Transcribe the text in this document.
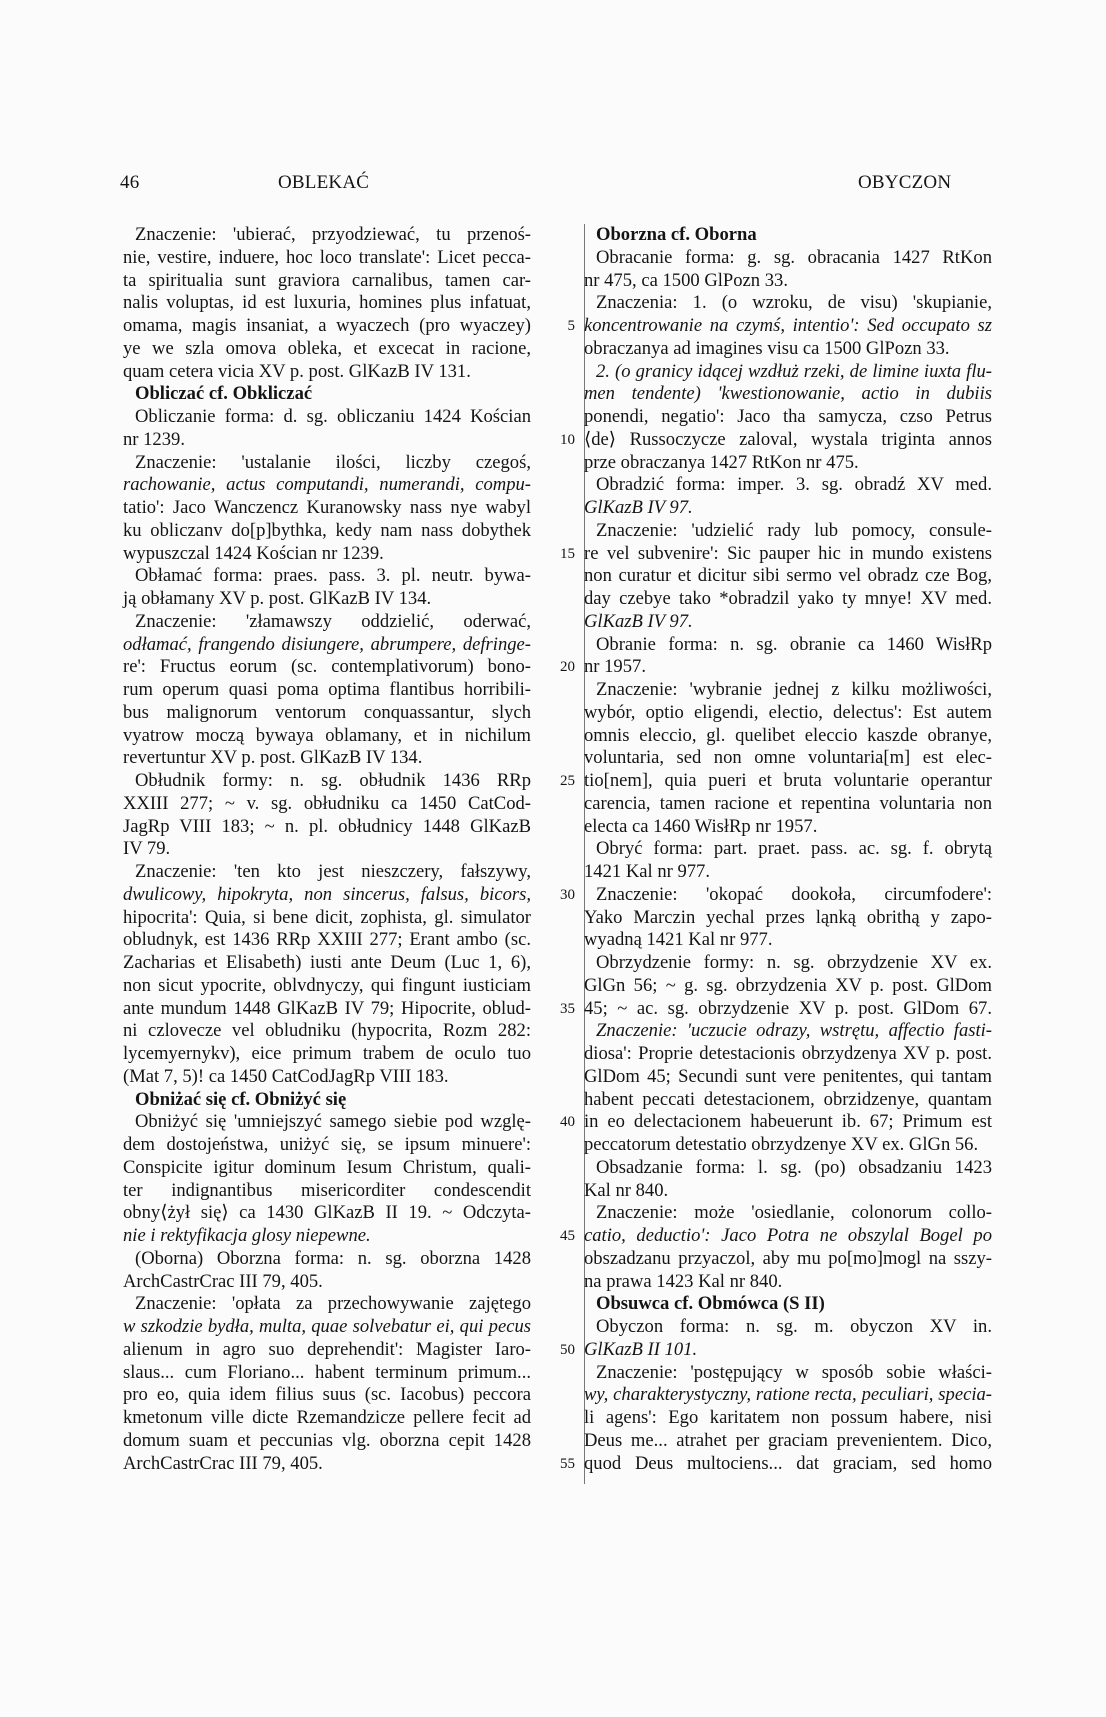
46	OBLEKAĆ	OBYCZON
Znaczenie: 'ubierać, przyodziewać, tu przenoś-
nie, vestire, induere, hoc loco translate': Licet pecca-
ta spiritualia sunt graviora carnalibus, tamen car-
nalis voluptas, id est luxuria, homines plus infatuat,
omama, magis insaniat, a wyaczech (pro wyaczey)
ye we szla omova obleka, et excecat in racione,
quam cetera vicia XV p. post. GlKazB IV 131.
Obliczać cf. Obkliczać
Obliczanie forma: d. sg. obliczaniu 1424 Kościan
nr 1239.
Znaczenie: 'ustalanie ilości, liczby czegoś,
rachowanie, actus computandi, numerandi, compu-
tatio': Jaco Wanczencz Kuranowsky nass nye wabyl
ku obliczanv do[p]bythka, kedy nam nass dobythek
wypuszczal 1424 Kościan nr 1239.
Obłamać forma: praes. pass. 3. pl. neutr. bywa-
ją obłamany XV p. post. GlKazB IV 134.
Znaczenie: 'złamawszy oddzielić, oderwać,
odłamać, frangendo disiungere, abrumpere, defringe-
re': Fructus eorum (sc. contemplativorum) bono-
rum operum quasi poma optima flantibus horribili-
bus malignorum ventorum conquassantur, slych
vyatrow moczą bywaya oblamany, et in nichilum
revertuntur XV p. post. GlKazB IV 134.
Obłudnik formy: n. sg. obłudnik 1436 RRp
XXIII 277; ~ v. sg. obłudniku ca 1450 CatCod-
JagRp VIII 183; ~ n. pl. obłudnicy 1448 GlKazB
IV 79.
Znaczenie: 'ten kto jest nieszczery, fałszywy,
dwulicowy, hipokryta, non sincerus, falsus, bicors,
hipocrita': Quia, si bene dicit, zophista, gl. simulator
obludnyk, est 1436 RRp XXIII 277; Erant ambo (sc.
Zacharias et Elisabeth) iusti ante Deum (Luc 1, 6),
non sicut ypocrite, oblvdnyczy, qui fingunt iusticiam
ante mundum 1448 GlKazB IV 79; Hipocrite, oblud-
ni czlovecze vel obludniku (hypocrita, Rozm 282:
lycemyernykv), eice primum trabem de oculo tuo
(Mat 7, 5)! ca 1450 CatCodJagRp VIII 183.
Obniżać się cf. Obniżyć się
Obniżyć się 'umniejszyć samego siebie pod wzglę-
dem dostojeństwa, uniżyć się, se ipsum minuere':
Conspicite igitur dominum Iesum Christum, quali-
ter indignantibus misericorditer condescendit
obny⟨żył się⟩ ca 1430 GlKazB II 19. ~ Odczyta-
nie i rektyfikacja glosy niepewne.
(Oborna) Oborzna forma: n. sg. oborzna 1428
ArchCastrCrac III 79, 405.
Znaczenie: 'opłata za przechowywanie zajętego
w szkodzie bydła, multa, quae solvebatur ei, qui pecus
alienum in agro suo deprehendit': Magister Iaro-
slaus... cum Floriano... habent terminum primum...
pro eo, quia idem filius suus (sc. Iacobus) peccora
kmetonum ville dicte Rzemandzicze pellere fecit ad
domum suam et peccunias vlg. oborzna cepit 1428
ArchCastrCrac III 79, 405.
5
10
15
20
25
30
35
40
45
50
55
Oborzna cf. Oborna
Obracanie forma: g. sg. obracania 1427 RtKon
nr 475, ca 1500 GlPozn 33.
Znaczenia: 1. (o wzroku, de visu) 'skupianie,
koncentrowanie na czymś, intentio': Sed occupato sz
obraczanya ad imagines visu ca 1500 GlPozn 33.
2. (o granicy idącej wzdłuż rzeki, de limine iuxta flu-
men tendente) 'kwestionowanie, actio in dubiis
ponendi, negatio': Jaco tha samycza, czso Petrus
⟨de⟩ Russoczycze zaloval, wystala triginta annos
prze obraczanya 1427 RtKon nr 475.
Obradzić forma: imper. 3. sg. obradź XV med.
GlKazB IV 97.
Znaczenie: 'udzielić rady lub pomocy, consule-
re vel subvenire': Sic pauper hic in mundo existens
non curatur et dicitur sibi sermo vel obradz cze Bog,
day czebye tako *obradzil yako ty mnye! XV med.
GlKazB IV 97.
Obranie forma: n. sg. obranie ca 1460 WisłRp
nr 1957.
Znaczenie: 'wybranie jednej z kilku możliwości,
wybór, optio eligendi, electio, delectus': Est autem
omnis eleccio, gl. quelibet eleccio kaszde obranye,
voluntaria, sed non omne voluntaria[m] est elec-
tio[nem], quia pueri et bruta voluntarie operantur
carencia, tamen racione et repentina voluntaria non
electa ca 1460 WisłRp nr 1957.
Obryć forma: part. praet. pass. ac. sg. f. obrytą
1421 Kal nr 977.
Znaczenie: 'okopać dookoła, circumfodere':
Yako Marczin yechal przes ląnką obrithą y zapo-
wyadną 1421 Kal nr 977.
Obrzydzenie formy: n. sg. obrzydzenie XV ex.
GlGn 56; ~ g. sg. obrzydzenia XV p. post. GlDom
45; ~ ac. sg. obrzydzenie XV p. post. GlDom 67.
Znaczenie: 'uczucie odrazy, wstrętu, affectio fasti-
diosa': Proprie detestacionis obrzydzenya XV p. post.
GlDom 45; Secundi sunt vere penitentes, qui tantam
habent peccati detestacionem, obrzidzenye, quantam
in eo delectacionem habeuerunt ib. 67; Primum est
peccatorum detestatio obrzydzenye XV ex. GlGn 56.
Obsadzanie forma: l. sg. (po) obsadzaniu 1423
Kal nr 840.
Znaczenie: może 'osiedlanie, colonorum collo-
catio, deductio': Jaco Potra ne obszylal Bogel po
obszadzanu przyaczol, aby mu po[mo]mogl na sszy-
na prawa 1423 Kal nr 840.
Obsuwca cf. Obmówca (S II)
Obyczon forma: n. sg. m. obyczon XV in.
GlKazB II 101.
Znaczenie: 'postępujący w sposób sobie właści-
wy, charakterystyczny, ratione recta, peculiari, specia-
li agens': Ego karitatem non possum habere, nisi
Deus me... atrahet per graciam prevenientem. Dico,
quod Deus multociens... dat graciam, sed homo
